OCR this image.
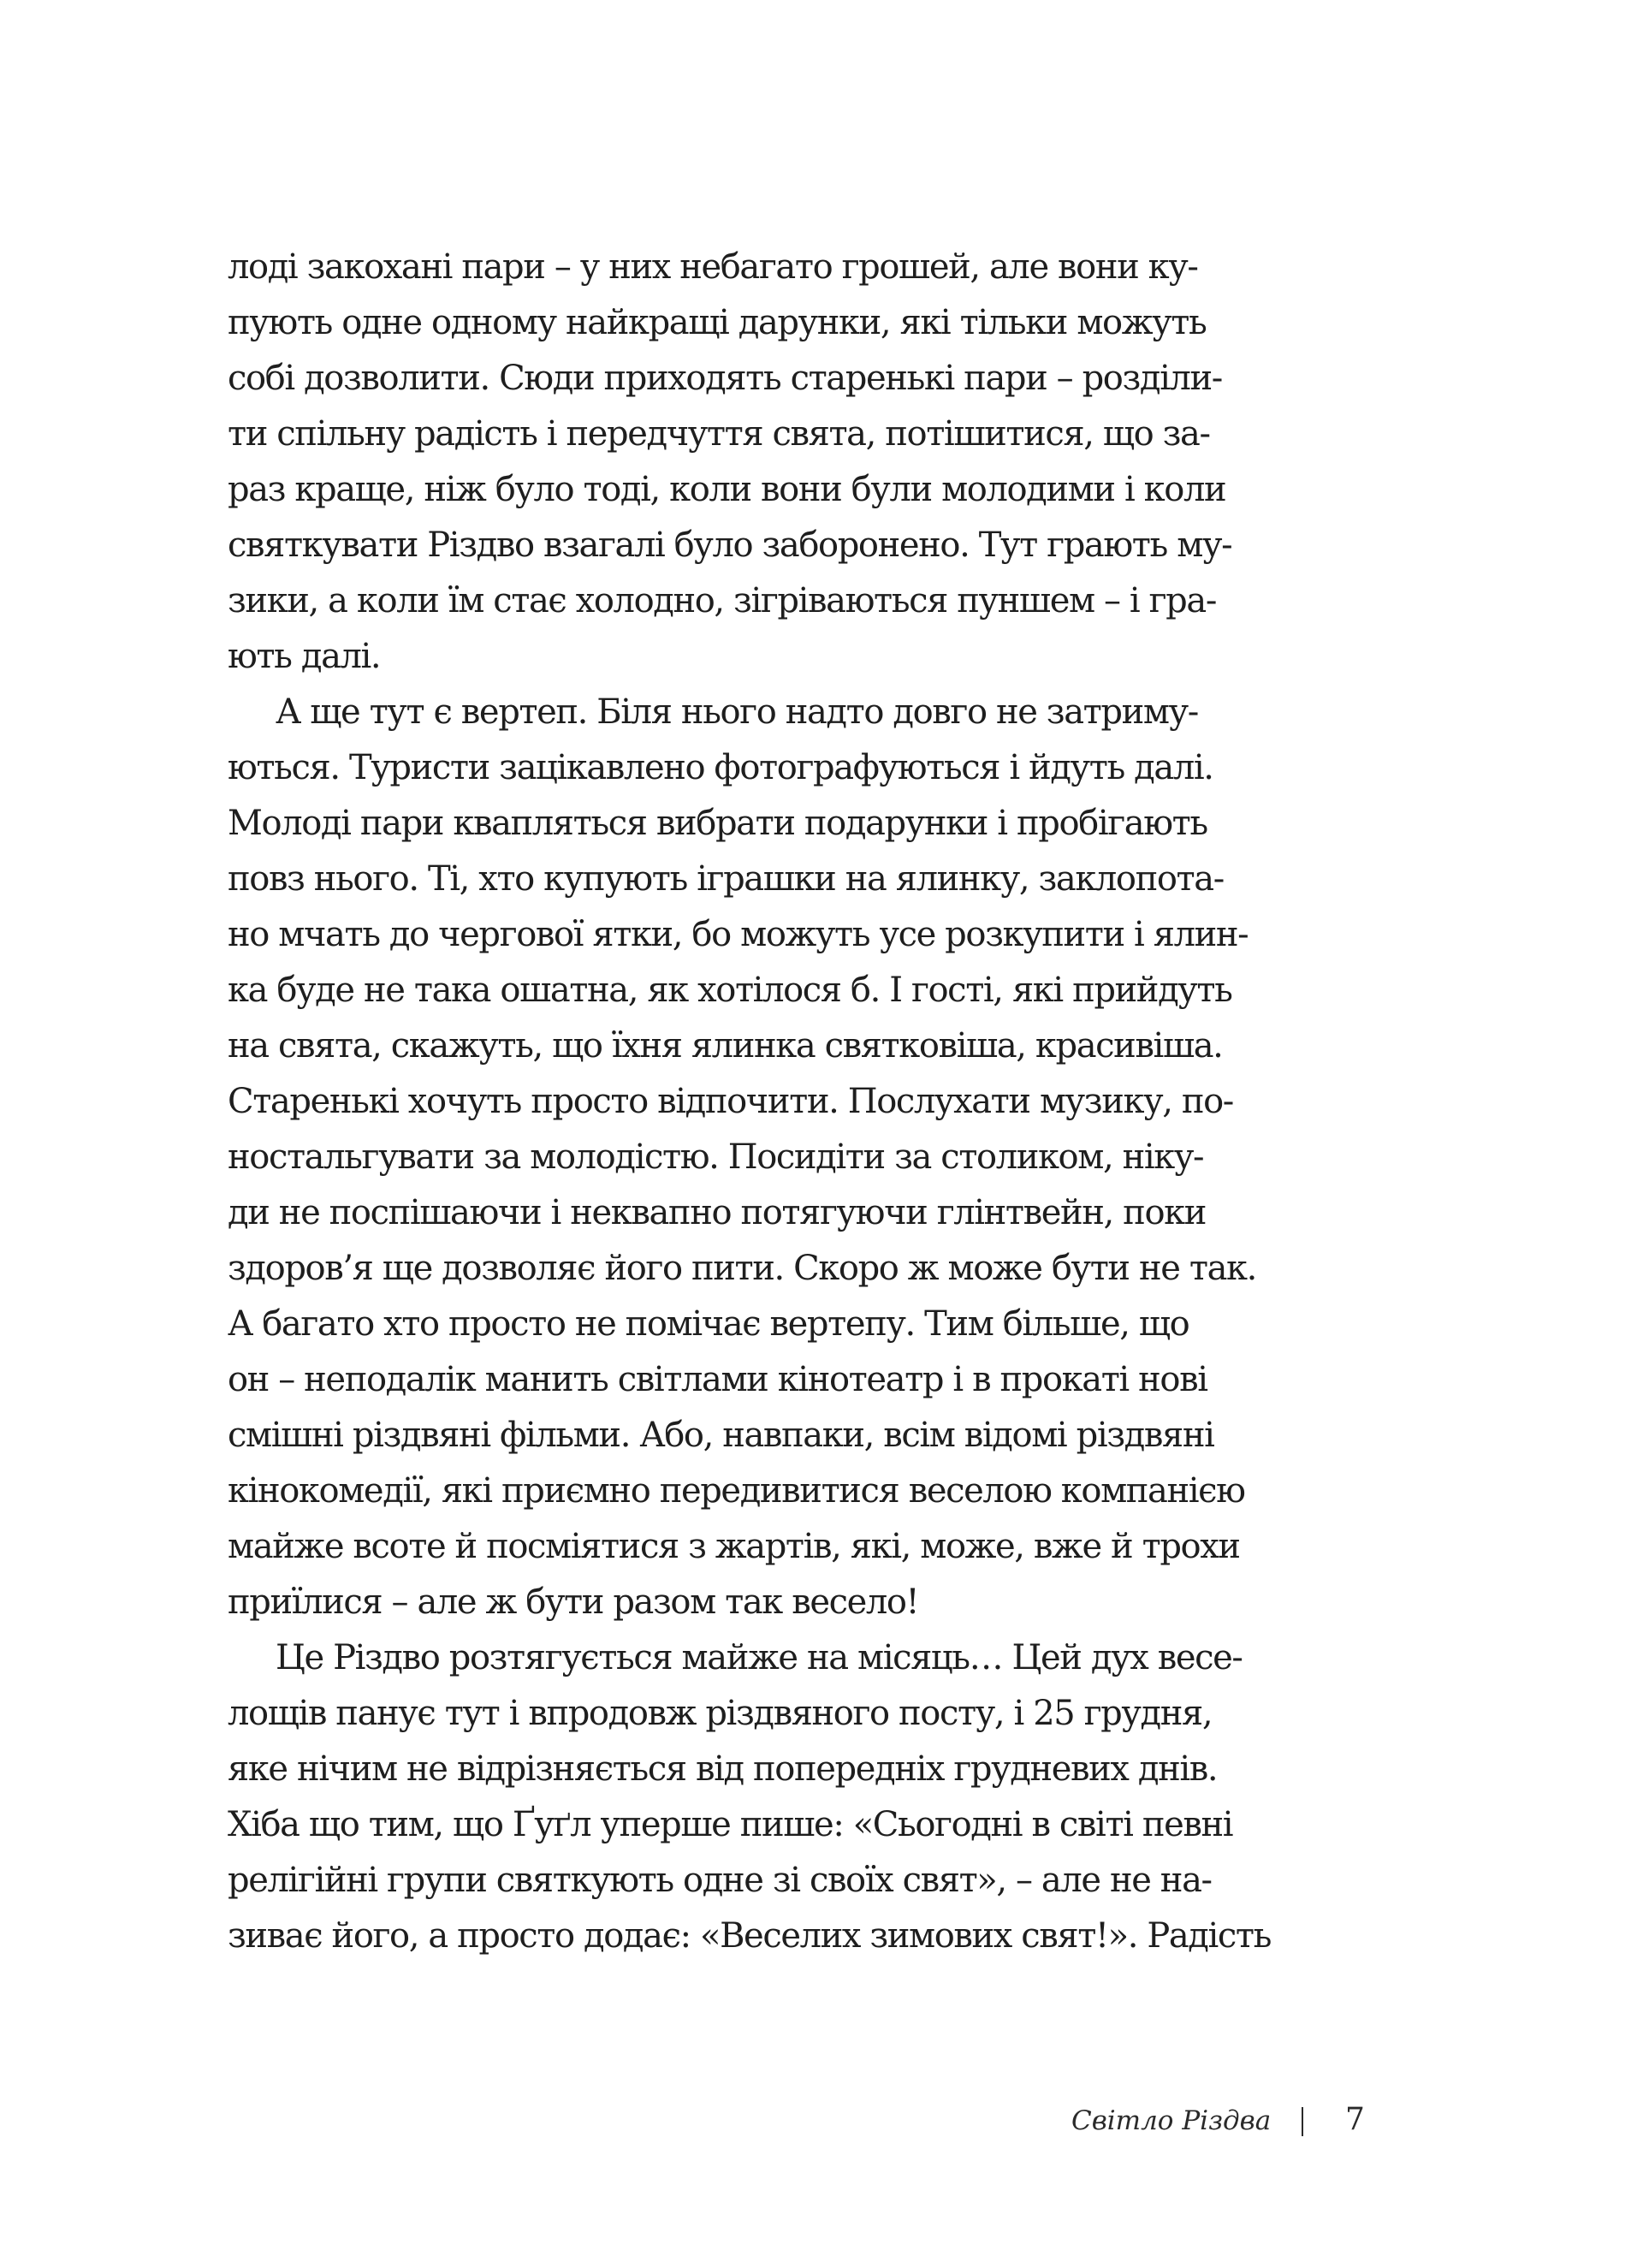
лоді закохані пари – у них небагато грошей, але вони ку-
пують одне одному найкращі дарунки, які тільки можуть
собі дозволити. Сюди приходять старенькі пари – розділи-
ти спільну радість і передчуття свята, потішитися, що за-
раз краще, ніж було тоді, коли вони були молодими і коли
святкувати Різдво взагалі було заборонено. Тут грають му-
зики, а коли їм стає холодно, зігріваються пуншем – і гра-
ють далі.
А ще тут є вертеп. Біля нього надто довго не затриму-
ються. Туристи зацікавлено фотографуються і йдуть далі.
Молоді пари кваплятьcя вибрати подарунки і пробігають
повз нього. Ті, хто купують іграшки на ялинку, заклопота-
но мчать до чергової ятки, бо можуть усе розкупити і ялин-
ка буде не така ошатна, як хотілося б. І гості, які прийдуть
на свята, скажуть, що їхня ялинка святковіша, красивіша.
Старенькі хочуть просто відпочити. Послухати музику, по-
ностальгувати за молодістю. Посидіти за столиком, ніку-
ди не поспішаючи і неквапно потягуючи глінтвейн, поки
здоров’я ще дозволяє його пити. Скоро ж може бути не так.
А багато хто просто не помічає вертепу. Тим більше, що
он – неподалік манить світлами кінотеатр і в прокаті нові
смішні різдвяні фільми. Або, навпаки, всім відомі різдвяні
кінокомедії, які приємно передивитися веселою компанією
майже всоте й посміятися з жартів, які, може, вже й трохи
приїлися – але ж бути разом так весело!
Це Різдво розтягується майже на місяць… Цей дух весе-
лощів панує тут і впродовж різдвяного посту, і 25 грудня,
яке нічим не відрізняється від попередніх грудневих днів.
Хіба що тим, що Ґуґл уперше пише: «Сьогодні в світі певні
релігійні групи святкують одне зі своїх свят», – але не на-
зиває його, а просто додає: «Веселих зимових свят!». Радість
Світло Різдва 7
